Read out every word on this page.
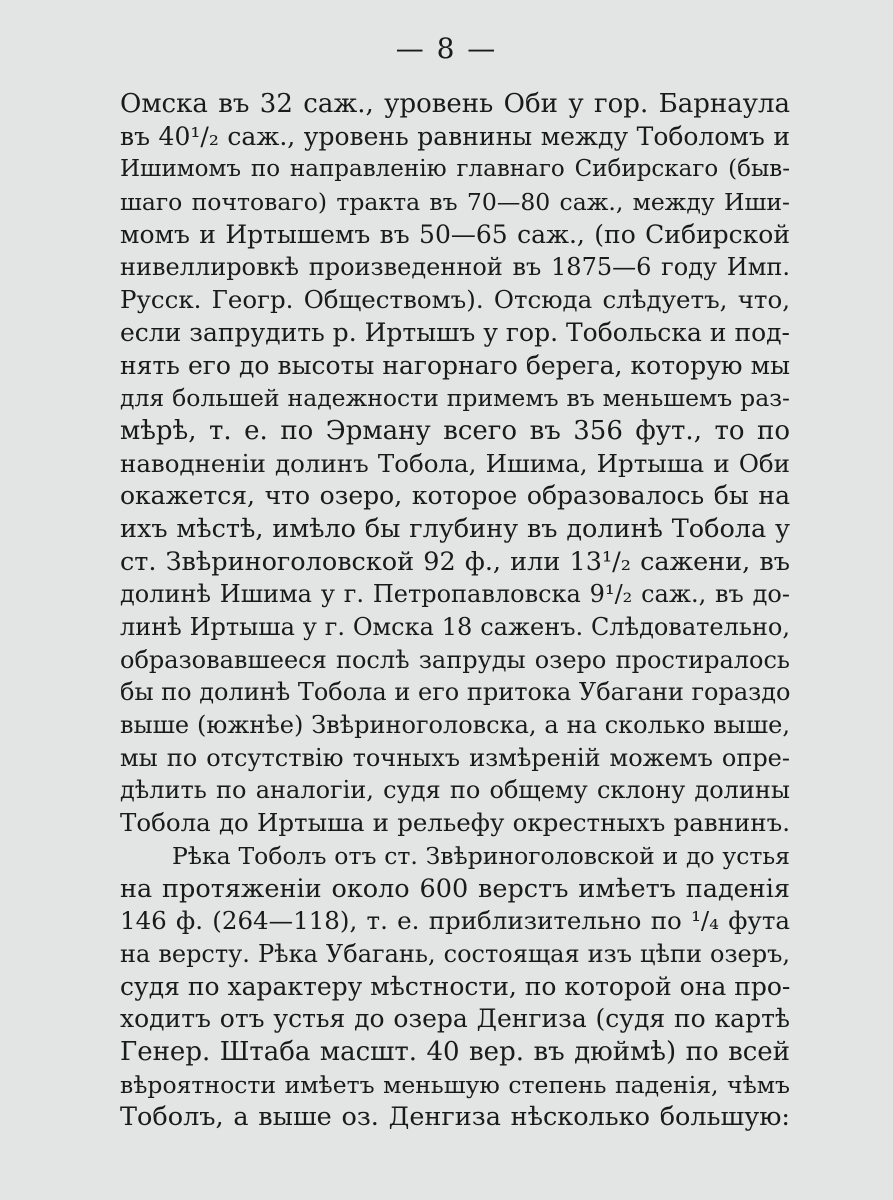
— 8 —
Омска въ 32 саж., уровень Оби у гор. Барнаула
въ 40¹/₂ саж., уровень равнины между Тоболомъ и
Ишимомъ по направленію главнаго Сибирскаго (быв-
шаго почтоваго) тракта въ 70—80 саж., между Иши-
момъ и Иртышемъ въ 50—65 саж., (по Сибирской
нивеллировкѣ произведенной въ 1875—6 году Имп.
Русск. Геогр. Обществомъ). Отсюда слѣдуетъ, что,
если запрудить р. Иртышъ у гор. Тобольска и под-
нять его до высоты нагорнаго берега, которую мы
для большей надежности примемъ въ меньшемъ раз-
мѣрѣ, т. е. по Эрману всего въ 356 фут., то по
наводненіи долинъ Тобола, Ишима, Иртыша и Оби
окажется, что озеро, которое образовалось бы на
ихъ мѣстѣ, имѣло бы глубину въ долинѣ Тобола у
ст. Звѣриноголовской 92 ф., или 13¹/₂ сажени, въ
долинѣ Ишима у г. Петропавловска 9¹/₂ саж., въ до-
линѣ Иртыша у г. Омска 18 саженъ. Слѣдовательно,
образовавшееся послѣ запруды озеро простиралось
бы по долинѣ Тобола и его притока Убагани гораздо
выше (южнѣе) Звѣриноголовска, а на сколько выше,
мы по отсутствію точныхъ измѣреній можемъ опре-
дѣлить по аналогіи, судя по общему склону долины
Тобола до Иртыша и рельефу окрестныхъ равнинъ.
Рѣка Тоболъ отъ ст. Звѣриноголовской и до устья
на протяженіи около 600 верстъ имѣетъ паденія
146 ф. (264—118), т. е. приблизительно по ¹/₄ фута
на версту. Рѣка Убагань, состоящая изъ цѣпи озеръ,
судя по характеру мѣстности, по которой она про-
ходитъ отъ устья до озера Денгиза (судя по картѣ
Генер. Штаба масшт. 40 вер. въ дюймѣ) по всей
вѣроятности имѣетъ меньшую степень паденія, чѣмъ
Тоболъ, а выше оз. Денгиза нѣсколько большую:
